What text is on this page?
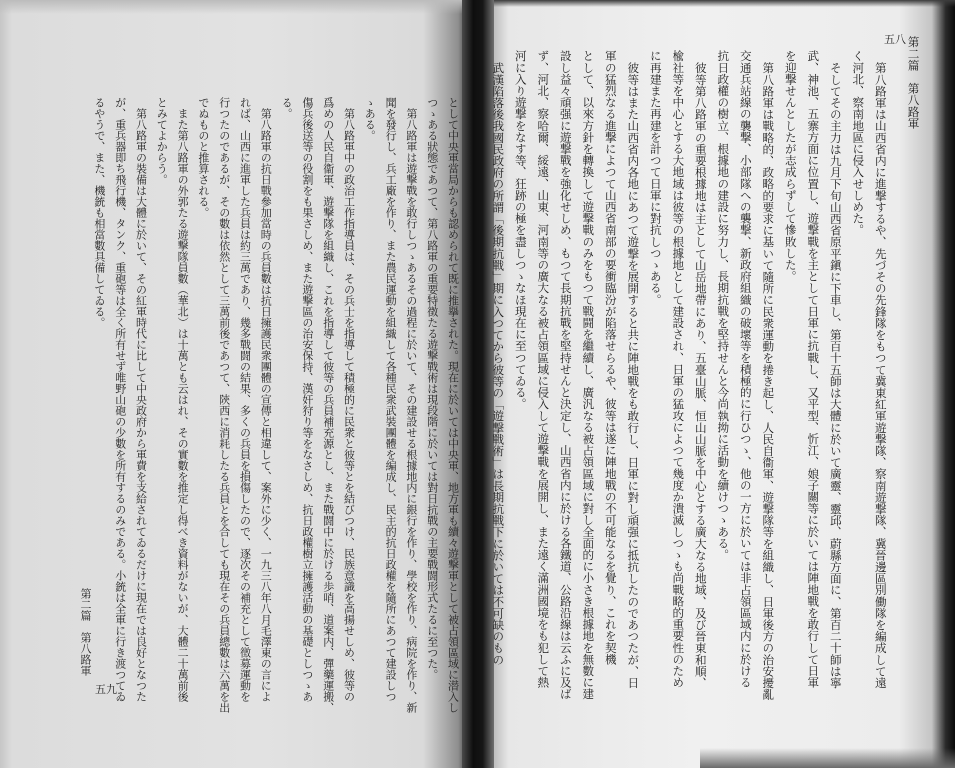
第二篇　第八路軍
五八
第八路軍は山西省内に進撃するや、先づその先鋒隊をもつて冀東紅軍遊撃隊、察南遊撃隊、冀晉邊區別働隊を編成して遠
く河北、察南地區に侵入せしめた。
そしてその主力は九月下旬山西省原平鎭に下車し、第百十五師は大體に於いて廣靈、靈邱、蔚縣方面に、第百二十師は寧
武、神池、五寨方面に位置し、遊撃戰を主として日軍に抗戰し、又平型、忻江、娘子關等に於いては陣地戰を敢行して日軍
を迎撃せんとしたが志成らずして慘敗した。
第八路軍は戰略的、政略的要求に基いて隨所に民衆運動を捲き起し、人民自衞軍、遊撃隊等を組織し、日軍後方の治安擾亂
交通兵站線の襲撃、小部隊への襲撃、新政府組織の破壞等を積極的に行ひつゝ、他の一方に於いては非占領區域内に於ける
抗日政權の樹立、根據地の建設に努力し、長期抗戰を堅持せんと今尚執拗に活動を續けつゝある。
彼等第八路軍の重要根據地は主として山岳地帶にあり、五臺山脈、恒山山脈を中心とする廣大なる地域、及び晉東和順、
楡社等を中心とする大地域は彼等の根據地として建設され、日軍の猛攻によつて幾度か潰滅しつゝも尚戰略的重要性のため
に再建また再建を計つて日軍に對抗しつゝある。
彼等はまた山西省内各地にあつて遊撃を展開すると共に陣地戰をも敢行し、日軍に對し頑强に抵抗したのであつたが、日
軍の猛烈なる進撃によつて山西省南部の要衝臨汾が陷落せらるや、彼等は遂に陣地戰の不可能なるを覺り、これを契機
として、以來方針を轉換して遊撃戰のみをもつて戰闘を繼續し、廣汎なる被占領區域に對し全面的に小さき根據地を無數に建
設し益々頑强に遊撃戰を強化せしめ、もつて長期抗戰を堅持せんと決定し、山西省内に於ける各鐵道、公路沿線は云ふに及ば
ず、河北、察哈爾、綏遠、山東、河南等の廣大なる被占領區域に侵入して遊撃戰を展開し、また遠く滿洲國境をも犯して熱
河に入り遊撃をなす等、狂跡の極を盡しつゝなほ現在に至つてゐる。
武漢陷落後我國民政府の所謂「後期抗戰」期に入つてから彼等の「遊撃戰術」は長期抗戰下に於いては不可缺のもの
第二篇　第八路軍
五九	として中央軍當局からも認められて既に推擧された。現在に於いては中央軍、地方軍も續々遊撃軍として被占領區域に潜入し
つゝある狀態であつて、第八路軍の重要特徴たる遊撃戰術は現段階に於いては對日抗戰の主要戰闘形式たるに至つた。
第八路軍は遊撃戰を敢行しつゝあるその過程に於いて、その建設せる根據地内に銀行を作り、學校を作り、病院を作り、新
聞を發行し、兵工廠を作り、また農民運動を組織して各種民衆武裝團體を編成し、民主的抗日政權を隨所にあつて建設しつ
ゝある。
第八路軍中の政治工作指導員は、その兵士を指導して積極的に民衆と彼等とを結びつけ、民族意識を高揚せしめ、彼等の
爲めの人民自衞軍、遊撃隊を組織し、これを指導して彼等の兵員補充源とし、また戰闘中に於ける歩哨、道案内、彈藥運搬、
傷兵後送等の役割をも果さしめ、また遊撃區の治安保持、漢奸狩り等をなさしめ、抗日政權樹立擁護活動の基礎としつゝあ
る。
第八路軍の抗日戰參加當時の兵員數は抗日擁護民衆團體の宣傳と相違して、案外に少く、一九三八年八月毛澤東の言によ
れば、山西に進軍した兵員は約三萬であり、幾多戰闘の結果、多くの兵員を損傷したので、逐次その補充として徵募運動を
行つたのであるが、その數は依然として三萬前後であつて、陝西に消耗したる兵員とを合しても現在その兵員總數は六萬を出
でぬものと推算される。
また第八路軍の外郭たる遊撃隊員數（華北）は十萬とも云はれ、その實數を推定し得べき資料がないが、大體二十萬前後
とみてよからう。
第八路軍の裝備は大體に於いて、その紅軍時代に比して中央政府から軍費を支給されてゐるだけに現在では良好となつた
が、重兵器即ち飛行機、タンク、重砲等は全く所有せず唯野山砲の少數を所有するのみである。小銃は全軍に行き渡つてゐ
るやうで、また、機銃も相當數具備してゐる。
